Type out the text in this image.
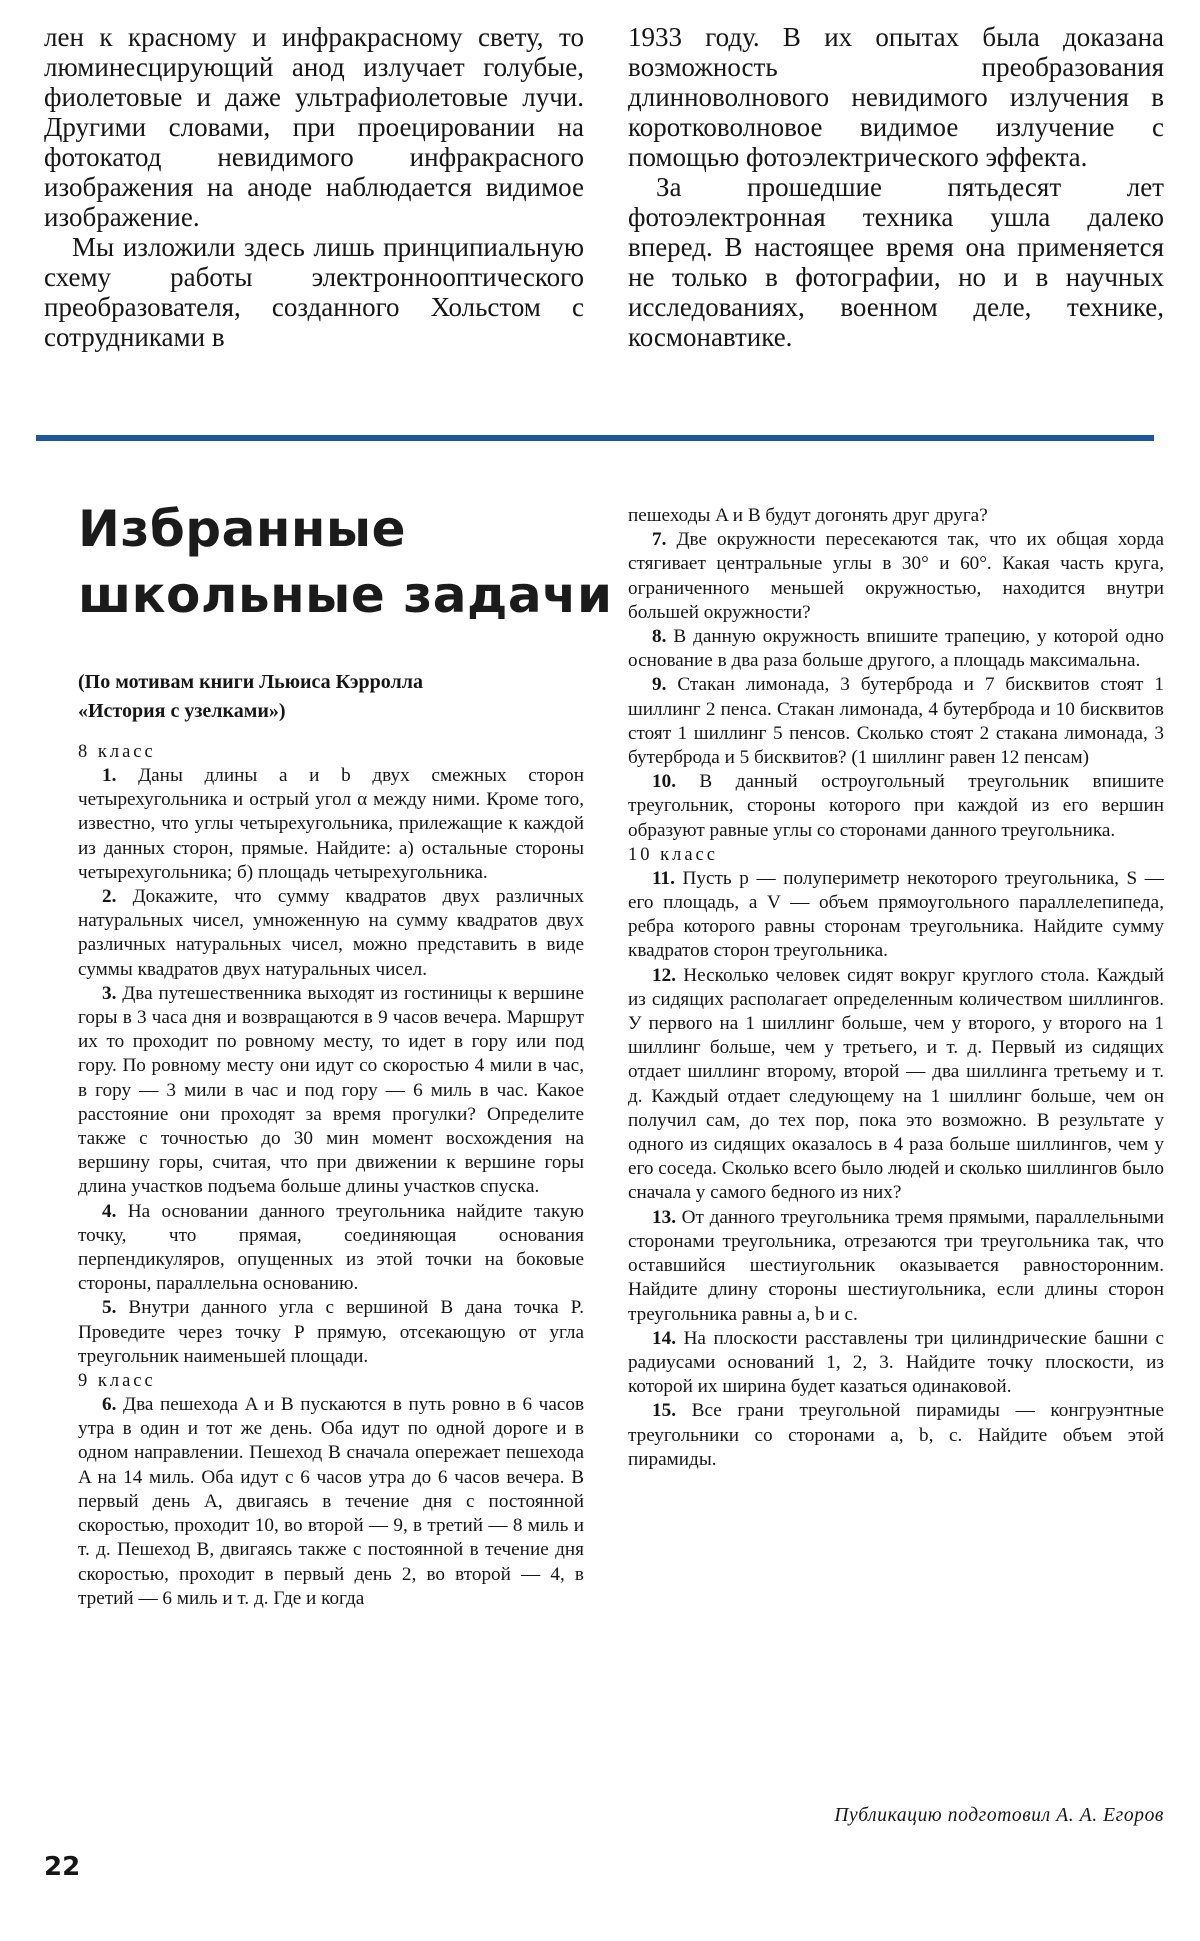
лен к красному и инфракрасному свету, то люминесцирующий анод излучает голубые, фиолетовые и даже ультрафиолетовые лучи. Другими словами, при проецировании на фотокатод невидимого инфракрасного изображения на аноде наблюдается видимое изображение.

Мы изложили здесь лишь принципиальную схему работы электроннооптического преобразователя, созданного Хольстом с сотрудниками в

1933 году. В их опытах была доказана возможность преобразования длинноволнового невидимого излучения в коротковолновое видимое излучение с помощью фотоэлектрического эффекта.

За прошедшие пятьдесят лет фотоэлектронная техника ушла далеко вперед. В настоящее время она применяется не только в фотографии, но и в научных исследованиях, военном деле, технике, космонавтике.

Избранные
школьные задачи

(По мотивам книги Льюиса Кэрролла
«История с узелками»)

8 класс

1. Даны длины a и b двух смежных сторон четырехугольника и острый угол α между ними. Кроме того, известно, что углы четырехугольника, прилежащие к каждой из данных сторон, прямые. Найдите: а) остальные стороны четырехугольника; б) площадь четырехугольника.

2. Докажите, что сумму квадратов двух различных натуральных чисел, умноженную на сумму квадратов двух различных натуральных чисел, можно представить в виде суммы квадратов двух натуральных чисел.

3. Два путешественника выходят из гостиницы к вершине горы в 3 часа дня и возвращаются в 9 часов вечера. Маршрут их то проходит по ровному месту, то идет в гору или под гору. По ровному месту они идут со скоростью 4 мили в час, в гору — 3 мили в час и под гору — 6 миль в час. Какое расстояние они проходят за время прогулки? Определите также с точностью до 30 мин момент восхождения на вершину горы, считая, что при движении к вершине горы длина участков подъема больше длины участков спуска.

4. На основании данного треугольника найдите такую точку, что прямая, соединяющая основания перпендикуляров, опущенных из этой точки на боковые стороны, параллельна основанию.

5. Внутри данного угла с вершиной B дана точка P. Проведите через точку P прямую, отсекающую от угла треугольник наименьшей площади.

9 класс

6. Два пешехода A и B пускаются в путь ровно в 6 часов утра в один и тот же день. Оба идут по одной дороге и в одном направлении. Пешеход B сначала опережает пешехода A на 14 миль. Оба идут с 6 часов утра до 6 часов вечера. В первый день A, двигаясь в течение дня с постоянной скоростью, проходит 10, во второй — 9, в третий — 8 миль и т. д. Пешеход B, двигаясь также с постоянной в течение дня скоростью, проходит в первый день 2, во второй — 4, в третий — 6 миль и т. д. Где и когда

пешеходы A и B будут догонять друг друга?

7. Две окружности пересекаются так, что их общая хорда стягивает центральные углы в 30° и 60°. Какая часть круга, ограниченного меньшей окружностью, находится внутри большей окружности?

8. В данную окружность впишите трапецию, у которой одно основание в два раза больше другого, а площадь максимальна.

9. Стакан лимонада, 3 бутерброда и 7 бисквитов стоят 1 шиллинг 2 пенса. Стакан лимонада, 4 бутерброда и 10 бисквитов стоят 1 шиллинг 5 пенсов. Сколько стоят 2 стакана лимонада, 3 бутерброда и 5 бисквитов? (1 шиллинг равен 12 пенсам)

10. В данный остроугольный треугольник впишите треугольник, стороны которого при каждой из его вершин образуют равные углы со сторонами данного треугольника.

10 класс

11. Пусть p — полупериметр некоторого треугольника, S — его площадь, а V — объем прямоугольного параллелепипеда, ребра которого равны сторонам треугольника. Найдите сумму квадратов сторон треугольника.

12. Несколько человек сидят вокруг круглого стола. Каждый из сидящих располагает определенным количеством шиллингов. У первого на 1 шиллинг больше, чем у второго, у второго на 1 шиллинг больше, чем у третьего, и т. д. Первый из сидящих отдает шиллинг второму, второй — два шиллинга третьему и т. д. Каждый отдает следующему на 1 шиллинг больше, чем он получил сам, до тех пор, пока это возможно. В результате у одного из сидящих оказалось в 4 раза больше шиллингов, чем у его соседа. Сколько всего было людей и сколько шиллингов было сначала у самого бедного из них?

13. От данного треугольника тремя прямыми, параллельными сторонами треугольника, отрезаются три треугольника так, что оставшийся шестиугольник оказывается равносторонним. Найдите длину стороны шестиугольника, если длины сторон треугольника равны a, b и c.

14. На плоскости расставлены три цилиндрические башни с радиусами оснований 1, 2, 3. Найдите точку плоскости, из которой их ширина будет казаться одинаковой.

15. Все грани треугольной пирамиды — конгруэнтные треугольники со сторонами a, b, c. Найдите объем этой пирамиды.

Публикацию подготовил А. А. Егоров

22
